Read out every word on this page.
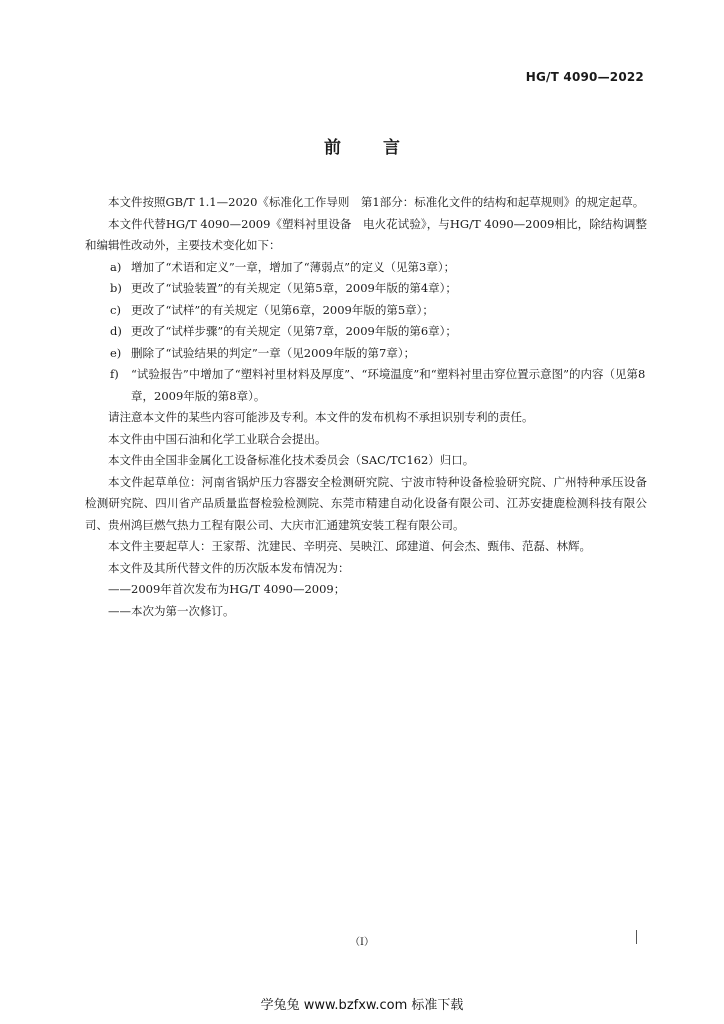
HG/T 4090—2022
前言

本文件按照GB/T 1.1—2020《标准化工作导则　第1部分：标准化文件的结构和起草规则》的规定起草。

本文件代替HG/T 4090—2009《塑料衬里设备　电火花试验》，与HG/T 4090—2009相比，除结构调整和编辑性改动外，主要技术变化如下：

a) 增加了“术语和定义”一章，增加了“薄弱点”的定义（见第3章）；

b) 更改了“试验装置”的有关规定（见第5章，2009年版的第4章）；

c) 更改了“试样”的有关规定（见第6章，2009年版的第5章）；

d) 更改了“试样步骤”的有关规定（见第7章，2009年版的第6章）；

e) 删除了“试验结果的判定”一章（见2009年版的第7章）；

f) “试验报告”中增加了“塑料衬里材料及厚度”、“环境温度”和“塑料衬里击穿位置示意图”的内容（见第8章，2009年版的第8章）。

请注意本文件的某些内容可能涉及专利。本文件的发布机构不承担识别专利的责任。

本文件由中国石油和化学工业联合会提出。

本文件由全国非金属化工设备标准化技术委员会（SAC/TC162）归口。

本文件起草单位：河南省锅炉压力容器安全检测研究院、宁波市特种设备检验研究院、广州特种承压设备检测研究院、四川省产品质量监督检验检测院、东莞市精建自动化设备有限公司、江苏安捷鹿检测科技有限公司、贵州鸿巨燃气热力工程有限公司、大庆市汇通建筑安装工程有限公司。

本文件主要起草人：王家帮、沈建民、辛明亮、吴映江、邱建道、何会杰、甄伟、范磊、林辉。

本文件及其所代替文件的历次版本发布情况为：

——2009年首次发布为HG/T 4090—2009；

——本次为第一次修订。

（Ⅰ）
学兔兔 www.bzfxw.com 标准下载
